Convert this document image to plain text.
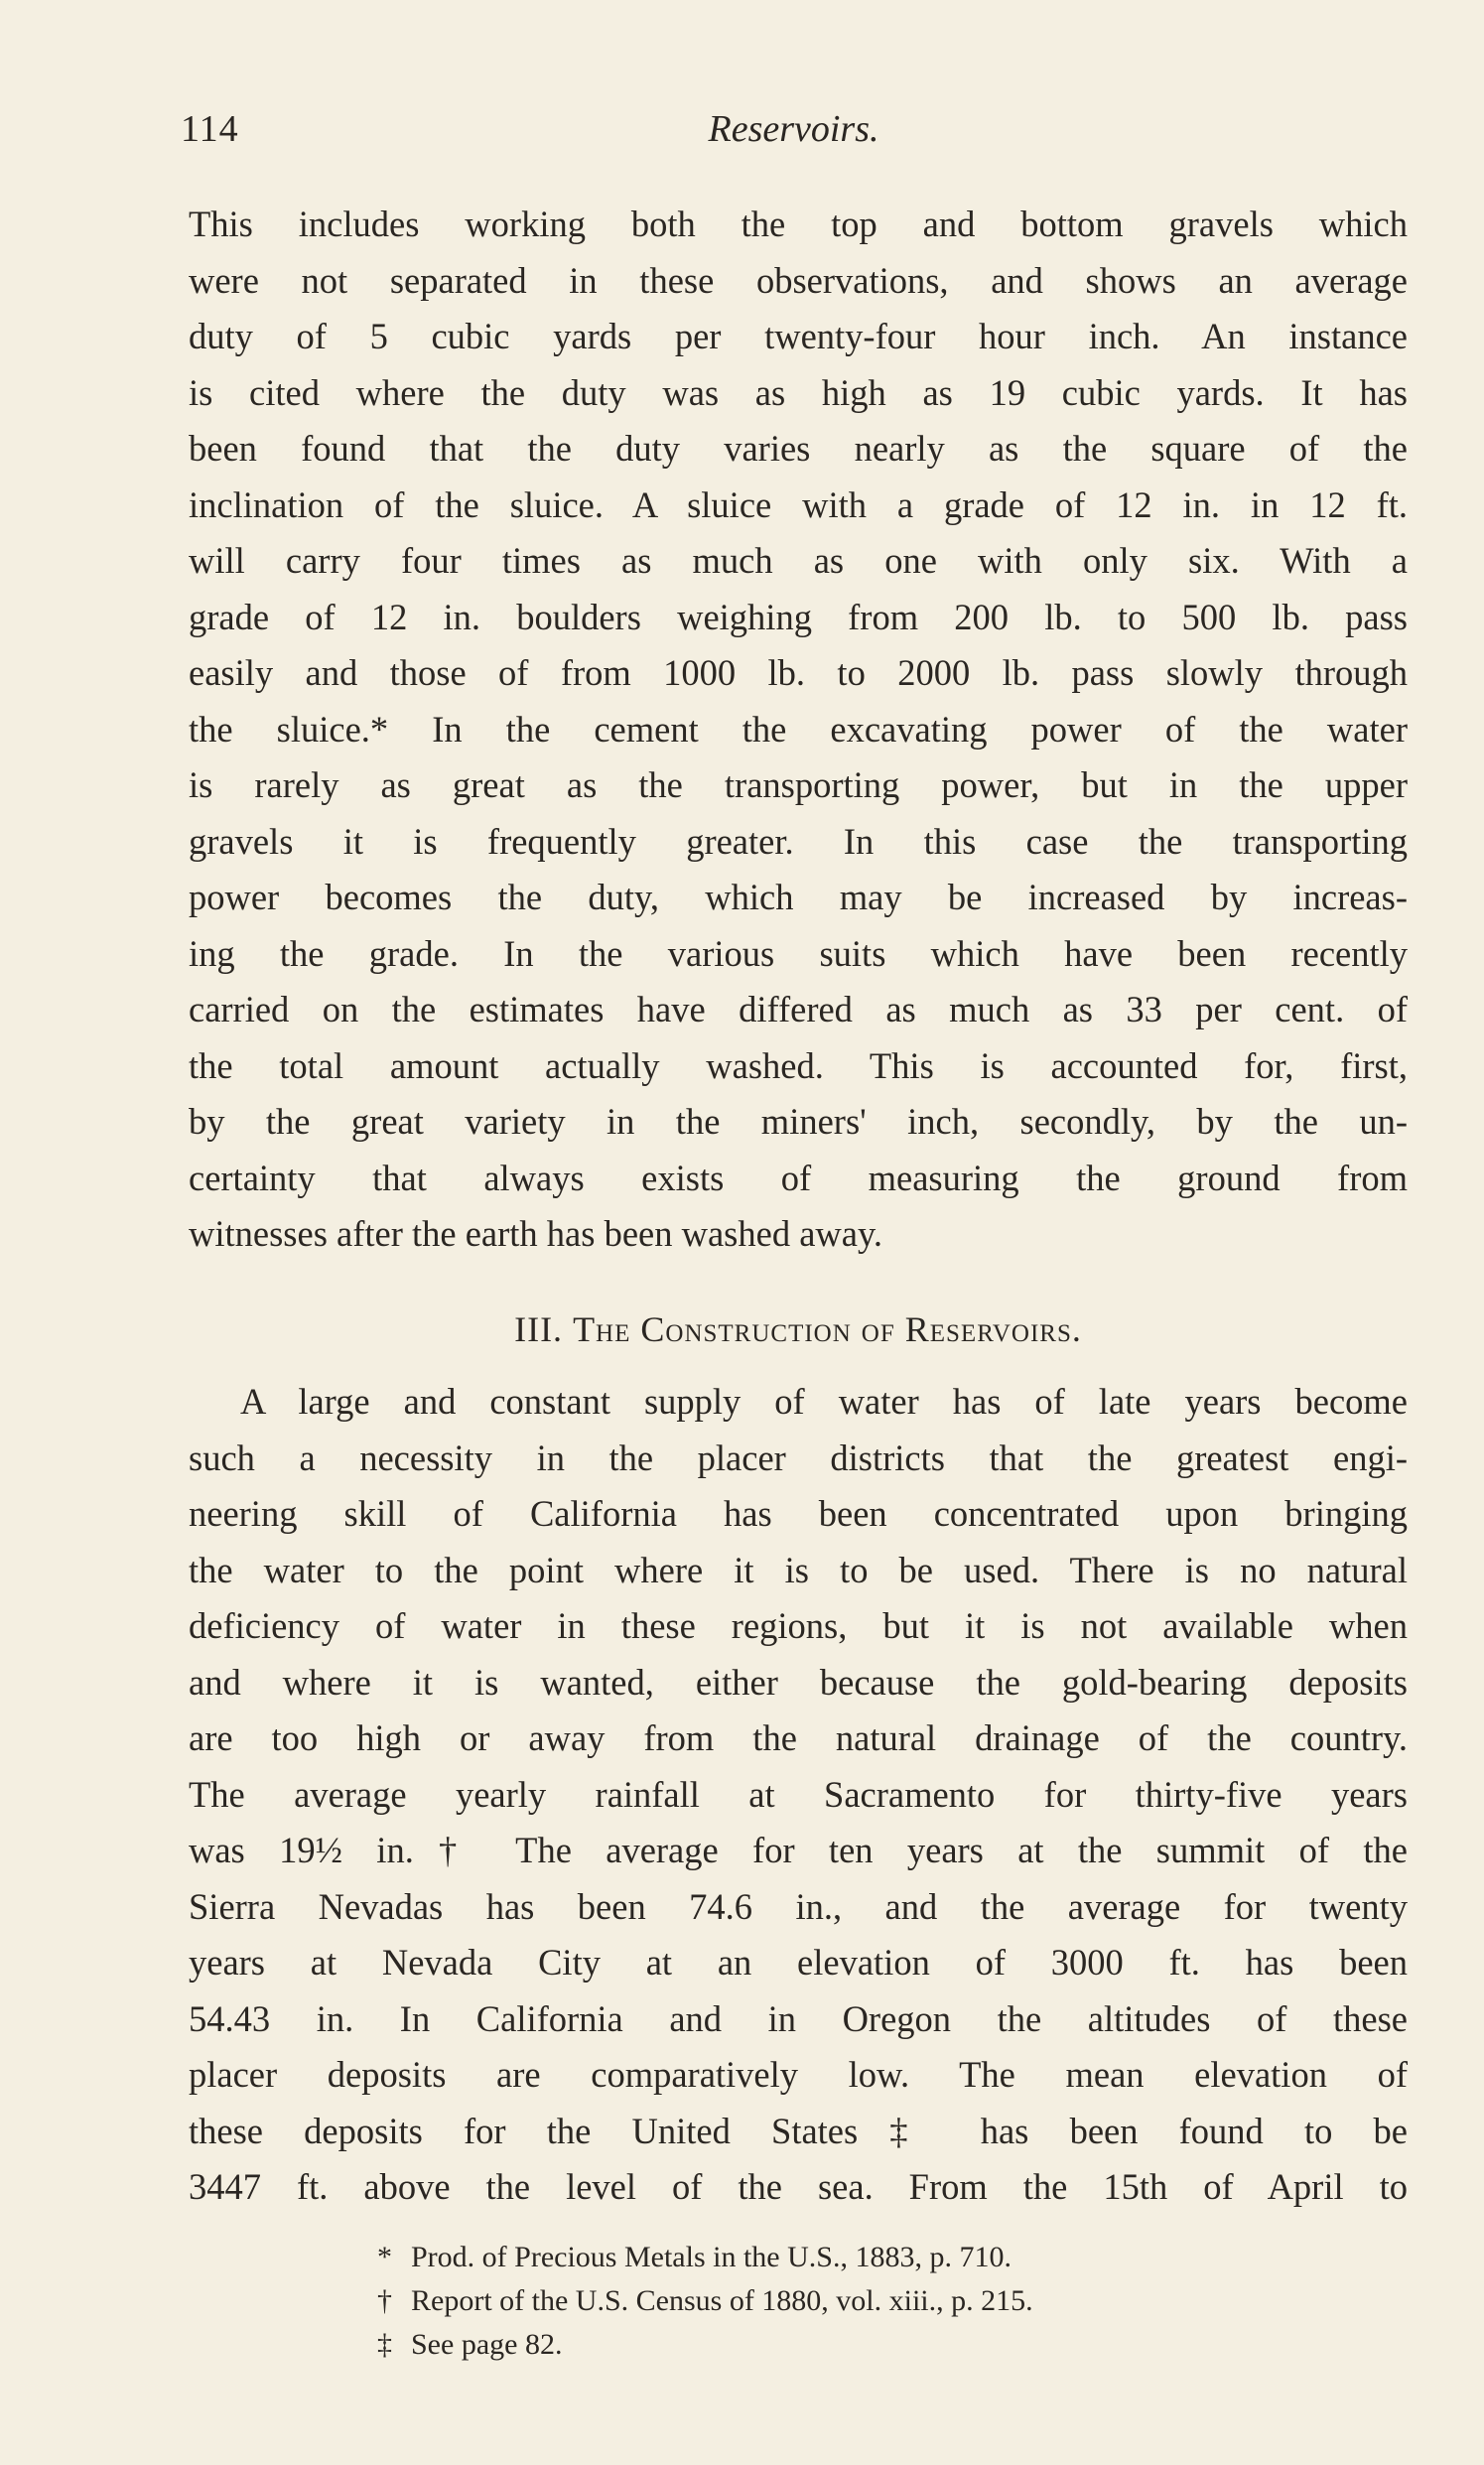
Reservoirs.
114
This includes working both the top and bottom gravels which
were not separated in these observations, and shows an average
duty of 5 cubic yards per twenty-four hour inch. An instance
is cited where the duty was as high as 19 cubic yards. It has
been found that the duty varies nearly as the square of the
inclination of the sluice. A sluice with a grade of 12 in. in 12 ft.
will carry four times as much as one with only six. With a
grade of 12 in. boulders weighing from 200 lb. to 500 lb. pass
easily and those of from 1000 lb. to 2000 lb. pass slowly through
the sluice.* In the cement the excavating power of the water
is rarely as great as the transporting power, but in the upper
gravels it is frequently greater. In this case the transporting
power becomes the duty, which may be increased by increas-
ing the grade. In the various suits which have been recently
carried on the estimates have differed as much as 33 per cent. of
the total amount actually washed. This is accounted for, first,
by the great variety in the miners' inch, secondly, by the un-
certainty that always exists of measuring the ground from
witnesses after the earth has been washed away.
III. The Construction of Reservoirs.
A large and constant supply of water has of late years become
such a necessity in the placer districts that the greatest engi-
neering skill of California has been concentrated upon bringing
the water to the point where it is to be used. There is no natural
deficiency of water in these regions, but it is not available when
and where it is wanted, either because the gold-bearing deposits
are too high or away from the natural drainage of the country.
The average yearly rainfall at Sacramento for thirty-five years
was 19½ in.† The average for ten years at the summit of the
Sierra Nevadas has been 74.6 in., and the average for twenty
years at Nevada City at an elevation of 3000 ft. has been
54.43 in. In California and in Oregon the altitudes of these
placer deposits are comparatively low. The mean elevation of
these deposits for the United States‡ has been found to be
3447 ft. above the level of the sea. From the 15th of April to
* Prod. of Precious Metals in the U.S., 1883, p. 710.
† Report of the U.S. Census of 1880, vol. xiii., p. 215.
‡ See page 82.
